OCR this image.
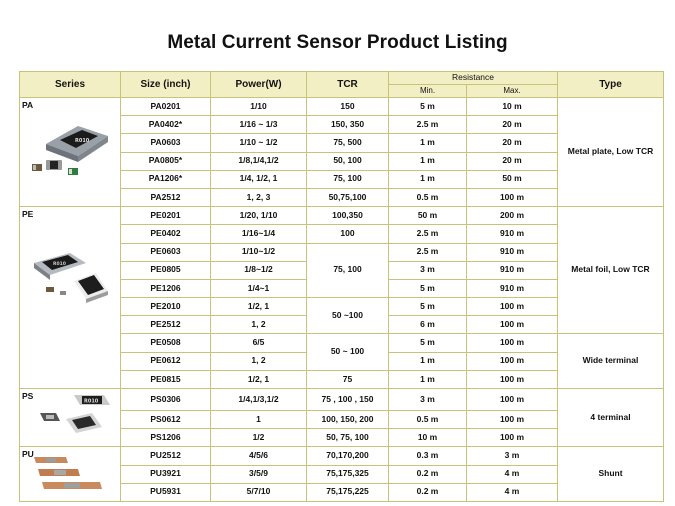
Metal Current Sensor Product Listing
Series	Size (inch)	Power(W)	TCR	Resistance		Type
				Min.	Max.	

PA
R010	PA0201	1/10	150	5 m	10 m	Metal plate, Low TCR
	PA0402*	1/16 ~ 1/3	150, 350	2.5 m	20 m	
	PA0603	1/10 ~ 1/2	75, 500	1 m	20 m	
	PA0805*	1/8,1/4,1/2	50, 100	1 m	20 m	
	PA1206*	1/4, 1/2, 1	75, 100	1 m	50 m	
	PA2512	1, 2, 3	50,75,100	0.5 m	100 m	

PE
R010	PE0201	1/20, 1/10	100,350	50 m	200 m	Metal foil, Low TCR
	PE0402	1/16~1/4	100	2.5 m	910 m	
	PE0603	1/10~1/2	75, 100	2.5 m	910 m	
	PE0805	1/8~1/2		3 m	910 m	
	PE1206	1/4~1		5 m	910 m	
	PE2010	1/2, 1	50 ~100	5 m	100 m	
	PE2512	1, 2		6 m	100 m	
	PE0508	6/5	50 ~ 100	5 m	100 m	Wide terminal
	PE0612	1, 2		1 m	100 m	
	PE0815	1/2, 1	75	1 m	100 m	

PS
R010	PS0306	1/4,1/3,1/2	75 , 100 , 150	3 m	100 m	4 terminal
	PS0612	1	100, 150, 200	0.5 m	100 m	
	PS1206	1/2	50, 75, 100	10 m	100 m	

PU	PU2512	4/5/6	70,170,200	0.3 m	3 m	Shunt
	PU3921	3/5/9	75,175,325	0.2 m	4 m	
	PU5931	5/7/10	75,175,225	0.2 m	4 m	
